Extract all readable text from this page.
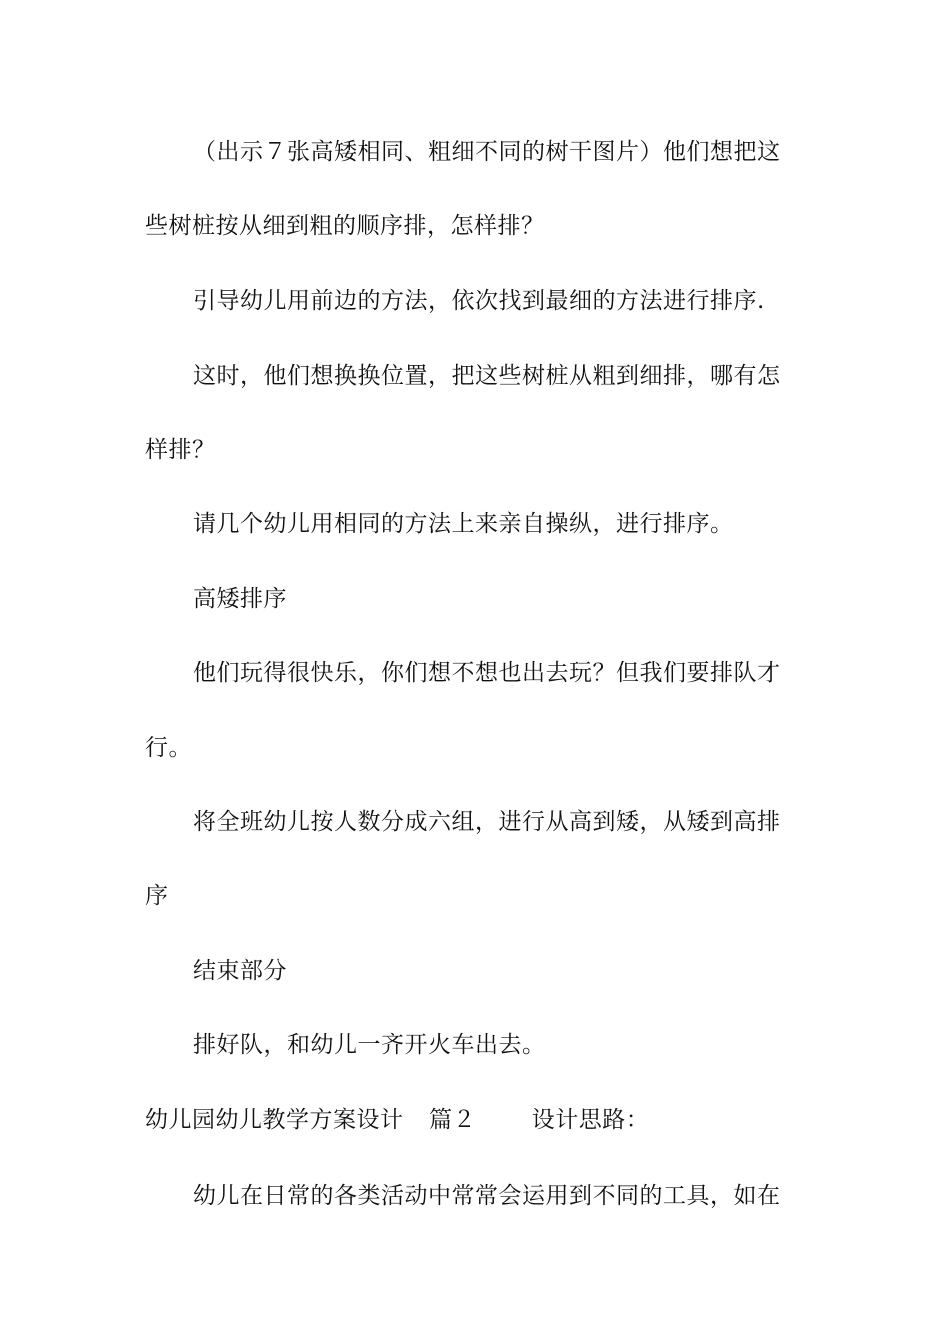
（出示７张高矮相同、粗细不同的树干图片）他们想把这
些树桩按从细到粗的顺序排，怎样排？
引导幼儿用前边的方法，依次找到最细的方法进行排序.
这时，他们想换换位置，把这些树桩从粗到细排，哪有怎
样排？
请几个幼儿用相同的方法上来亲自操纵，进行排序。
高矮排序
他们玩得很快乐，你们想不想也出去玩？但我们要排队才
行。
将全班幼儿按人数分成六组，进行从高到矮，从矮到高排
序
结束部分
排好队，和幼儿一齐开火车出去。
幼儿园幼儿教学方案设计 篇２ 设计思路：
幼儿在日常的各类活动中常常会运用到不同的工具，如在
